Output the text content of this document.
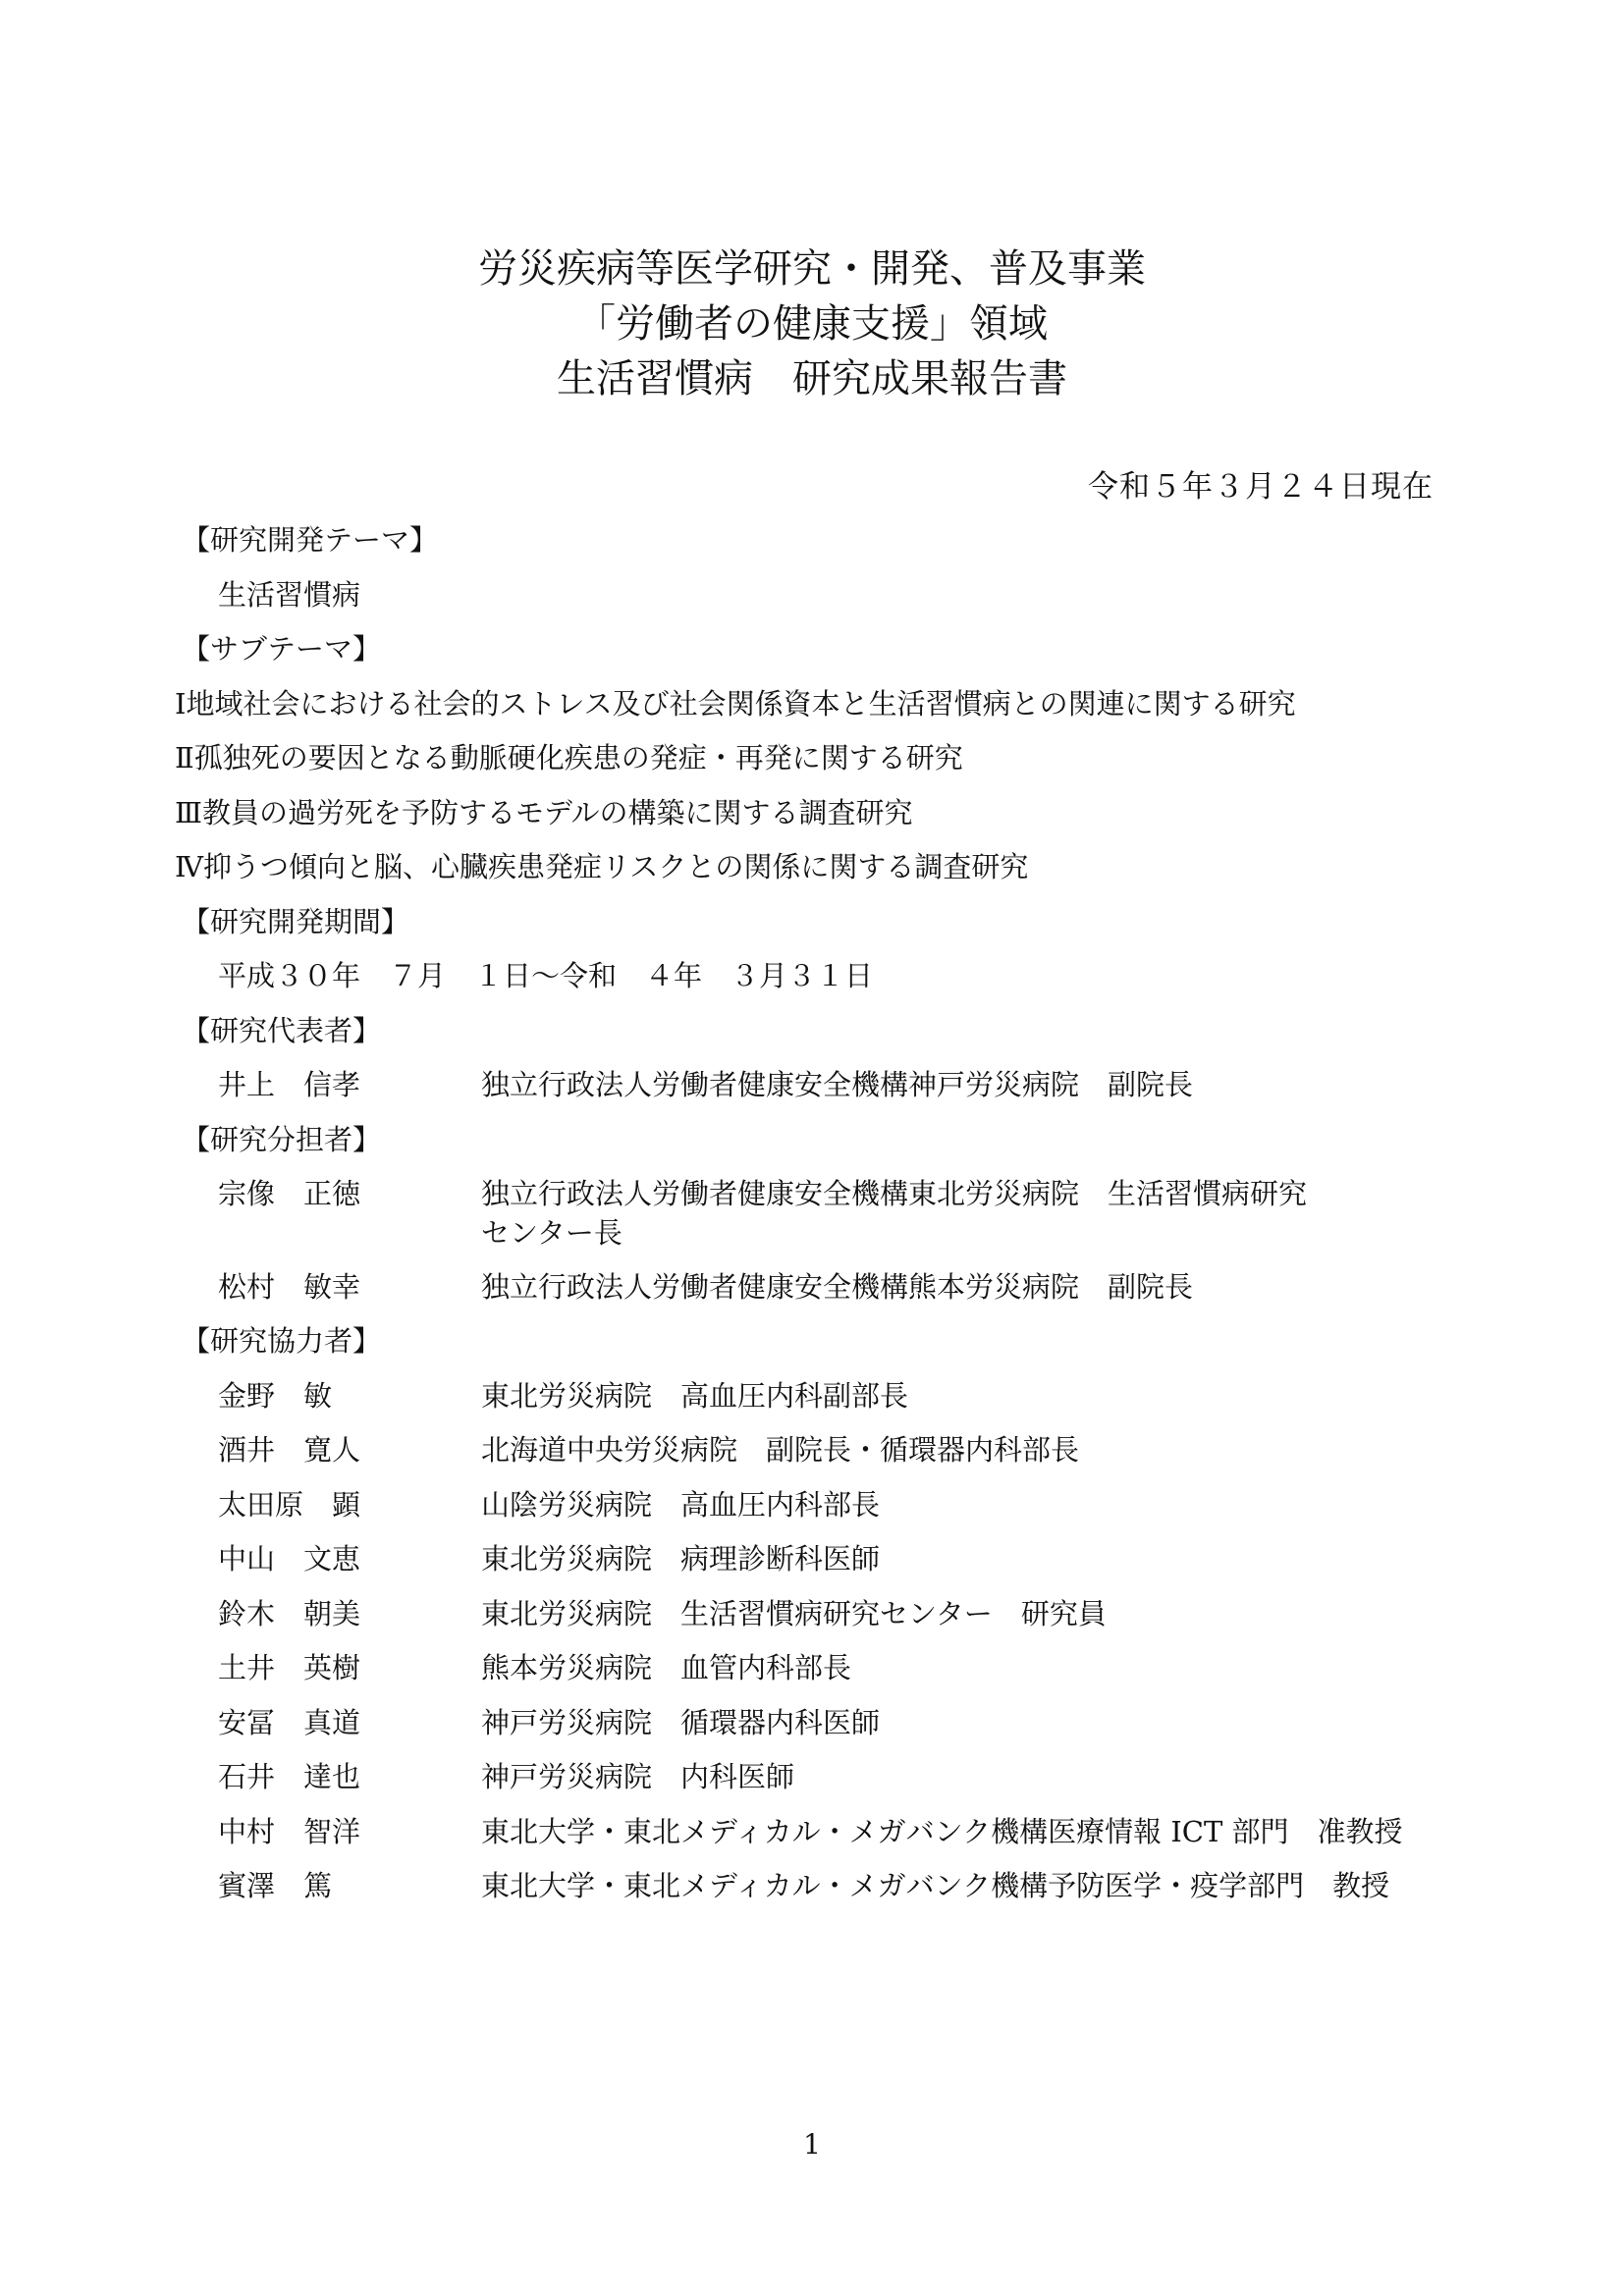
労災疾病等医学研究・開発、普及事業
「労働者の健康支援」領域
生活習慣病　研究成果報告書
令和５年３月２４日現在
【研究開発テーマ】
生活習慣病
【サブテーマ】
Ⅰ地域社会における社会的ストレス及び社会関係資本と生活習慣病との関連に関する研究
Ⅱ孤独死の要因となる動脈硬化疾患の発症・再発に関する研究
Ⅲ教員の過労死を予防するモデルの構築に関する調査研究
Ⅳ抑うつ傾向と脳、心臓疾患発症リスクとの関係に関する調査研究
【研究開発期間】
平成３０年　７月　１日～令和　４年　３月３１日
【研究代表者】
井上　信孝	独立行政法人労働者健康安全機構神戸労災病院　副院長
【研究分担者】
宗像　正徳	独立行政法人労働者健康安全機構東北労災病院　生活習慣病研究
センター長
松村　敏幸	独立行政法人労働者健康安全機構熊本労災病院　副院長
【研究協力者】
金野　敏	東北労災病院　高血圧内科副部長
酒井　寛人	北海道中央労災病院　副院長・循環器内科部長
太田原　顕	山陰労災病院　高血圧内科部長
中山　文恵	東北労災病院　病理診断科医師
鈴木　朝美	東北労災病院　生活習慣病研究センター　研究員
土井　英樹	熊本労災病院　血管内科部長
安冨　真道	神戸労災病院　循環器内科医師
石井　達也	神戸労災病院　内科医師
中村　智洋	東北大学・東北メディカル・メガバンク機構医療情報 ICT 部門　准教授
賓澤　篤	東北大学・東北メディカル・メガバンク機構予防医学・疫学部門　教授
1
